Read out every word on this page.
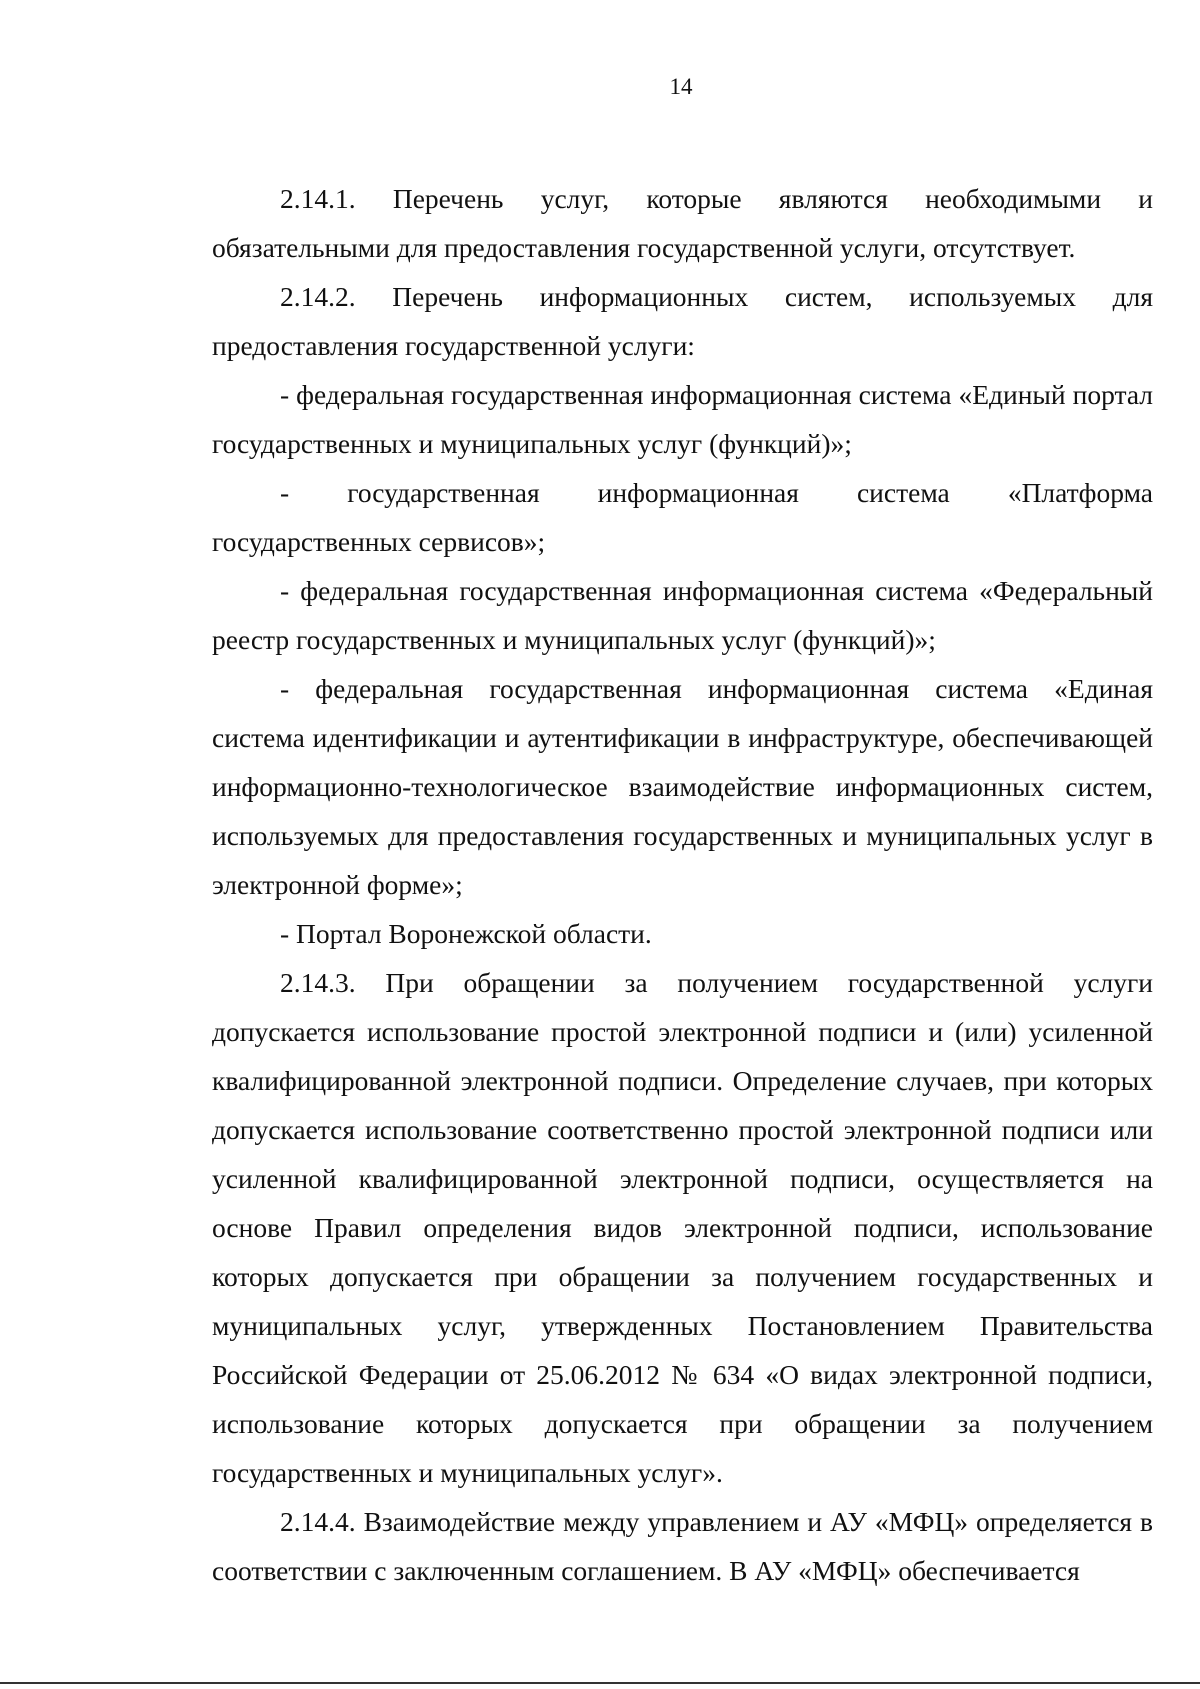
14

2.14.1. Перечень услуг, которые являются необходимыми и обязательными для предоставления государственной услуги, отсутствует.

2.14.2. Перечень информационных систем, используемых для предоставления государственной услуги:

- федеральная государственная информационная система «Единый портал государственных и муниципальных услуг (функций)»;

- государственная информационная система «Платформа государственных сервисов»;

- федеральная государственная информационная система «Федеральный реестр государственных и муниципальных услуг (функций)»;

- федеральная государственная информационная система «Единая система идентификации и аутентификации в инфраструктуре, обеспечивающей информационно-технологическое взаимодействие информационных систем, используемых для предоставления государственных и муниципальных услуг в электронной форме»;

- Портал Воронежской области.

2.14.3. При обращении за получением государственной услуги допускается использование простой электронной подписи и (или) усиленной квалифицированной электронной подписи. Определение случаев, при которых допускается использование соответственно простой электронной подписи или усиленной квалифицированной электронной подписи, осуществляется на основе Правил определения видов электронной подписи, использование которых допускается при обращении за получением государственных и муниципальных услуг, утвержденных Постановлением Правительства Российской Федерации от 25.06.2012 № 634 «О видах электронной подписи, использование которых допускается при обращении за получением государственных и муниципальных услуг».

2.14.4. Взаимодействие между управлением и АУ «МФЦ» определяется в соответствии с заключенным соглашением. В АУ «МФЦ» обеспечивается
